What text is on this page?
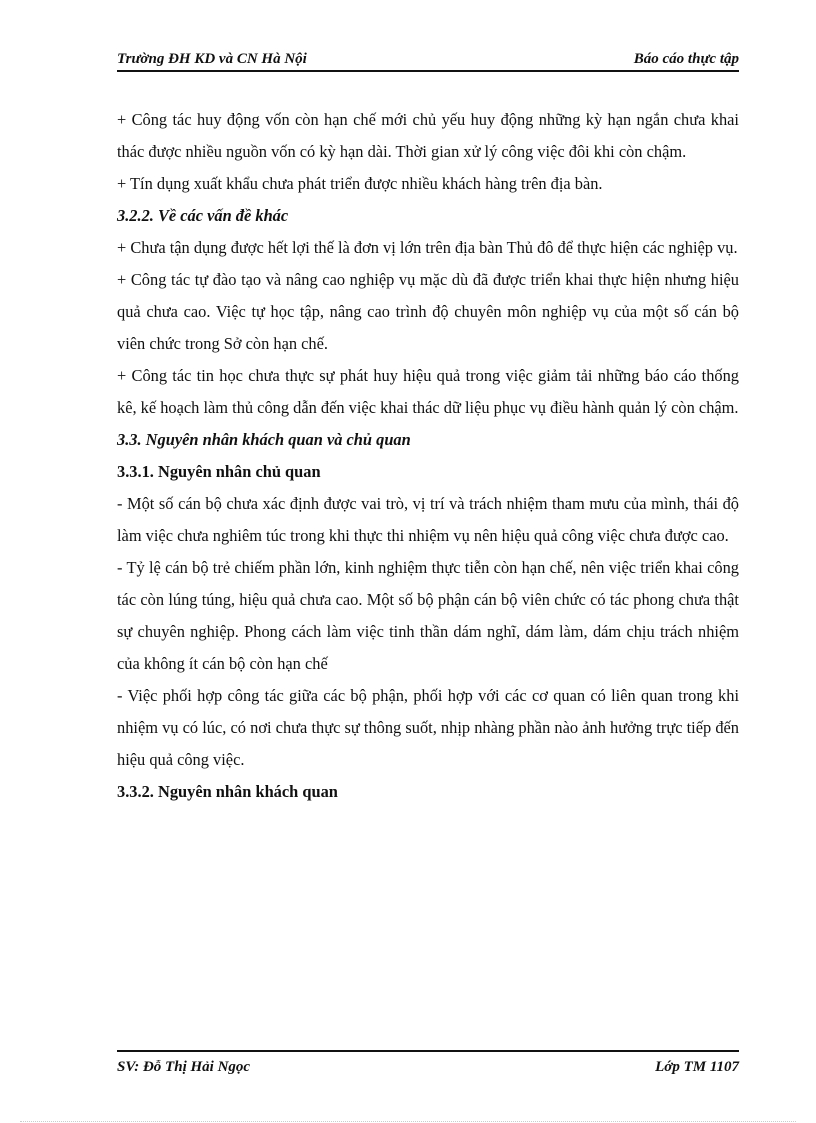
Trường ĐH KD và CN Hà Nội	Báo cáo thực tập

+ Công tác huy động vốn còn hạn chế mới chủ yếu huy động những kỳ hạn ngắn chưa khai thác được nhiều nguồn vốn có kỳ hạn dài. Thời gian xử lý công việc đôi khi còn chậm.

+ Tín dụng xuất khẩu chưa phát triển được nhiều khách hàng trên địa bàn.

3.2.2. Về các vấn đề khác

+ Chưa tận dụng được hết lợi thế là đơn vị lớn trên địa bàn Thủ đô để thực hiện các nghiệp vụ.

+ Công tác tự đào tạo và nâng cao nghiệp vụ mặc dù đã được triển khai thực hiện nhưng hiệu quả chưa cao. Việc tự học tập, nâng cao trình độ chuyên môn nghiệp vụ của một số cán bộ viên chức trong Sở còn hạn chế.

+ Công tác tin học chưa thực sự phát huy hiệu quả trong việc giảm tải những báo cáo thống kê, kế hoạch làm thủ công dẫn đến việc khai thác dữ liệu phục vụ điều hành quản lý còn chậm.

3.3. Nguyên nhân khách quan và chủ quan

3.3.1. Nguyên nhân chủ quan

- Một số cán bộ chưa xác định được vai trò, vị trí và trách nhiệm tham mưu của mình, thái độ làm việc chưa nghiêm túc trong khi thực thi nhiệm vụ nên hiệu quả công việc chưa được cao.

- Tỷ lệ cán bộ trẻ chiếm phần lớn, kinh nghiệm thực tiễn còn hạn chế, nên việc triển khai công tác còn lúng túng, hiệu quả chưa cao. Một số bộ phận cán bộ viên chức có tác phong chưa thật sự chuyên nghiệp. Phong cách làm việc tinh thần dám nghĩ, dám làm, dám chịu trách nhiệm của không ít cán bộ còn hạn chế

- Việc phối hợp công tác giữa các bộ phận, phối hợp với các cơ quan có liên quan trong khi nhiệm vụ có lúc, có nơi chưa thực sự thông suốt, nhịp nhàng phần nào ảnh hưởng trực tiếp đến hiệu quả công việc.

3.3.2. Nguyên nhân khách quan

SV: Đỗ Thị Hải Ngọc	Lớp TM 1107
